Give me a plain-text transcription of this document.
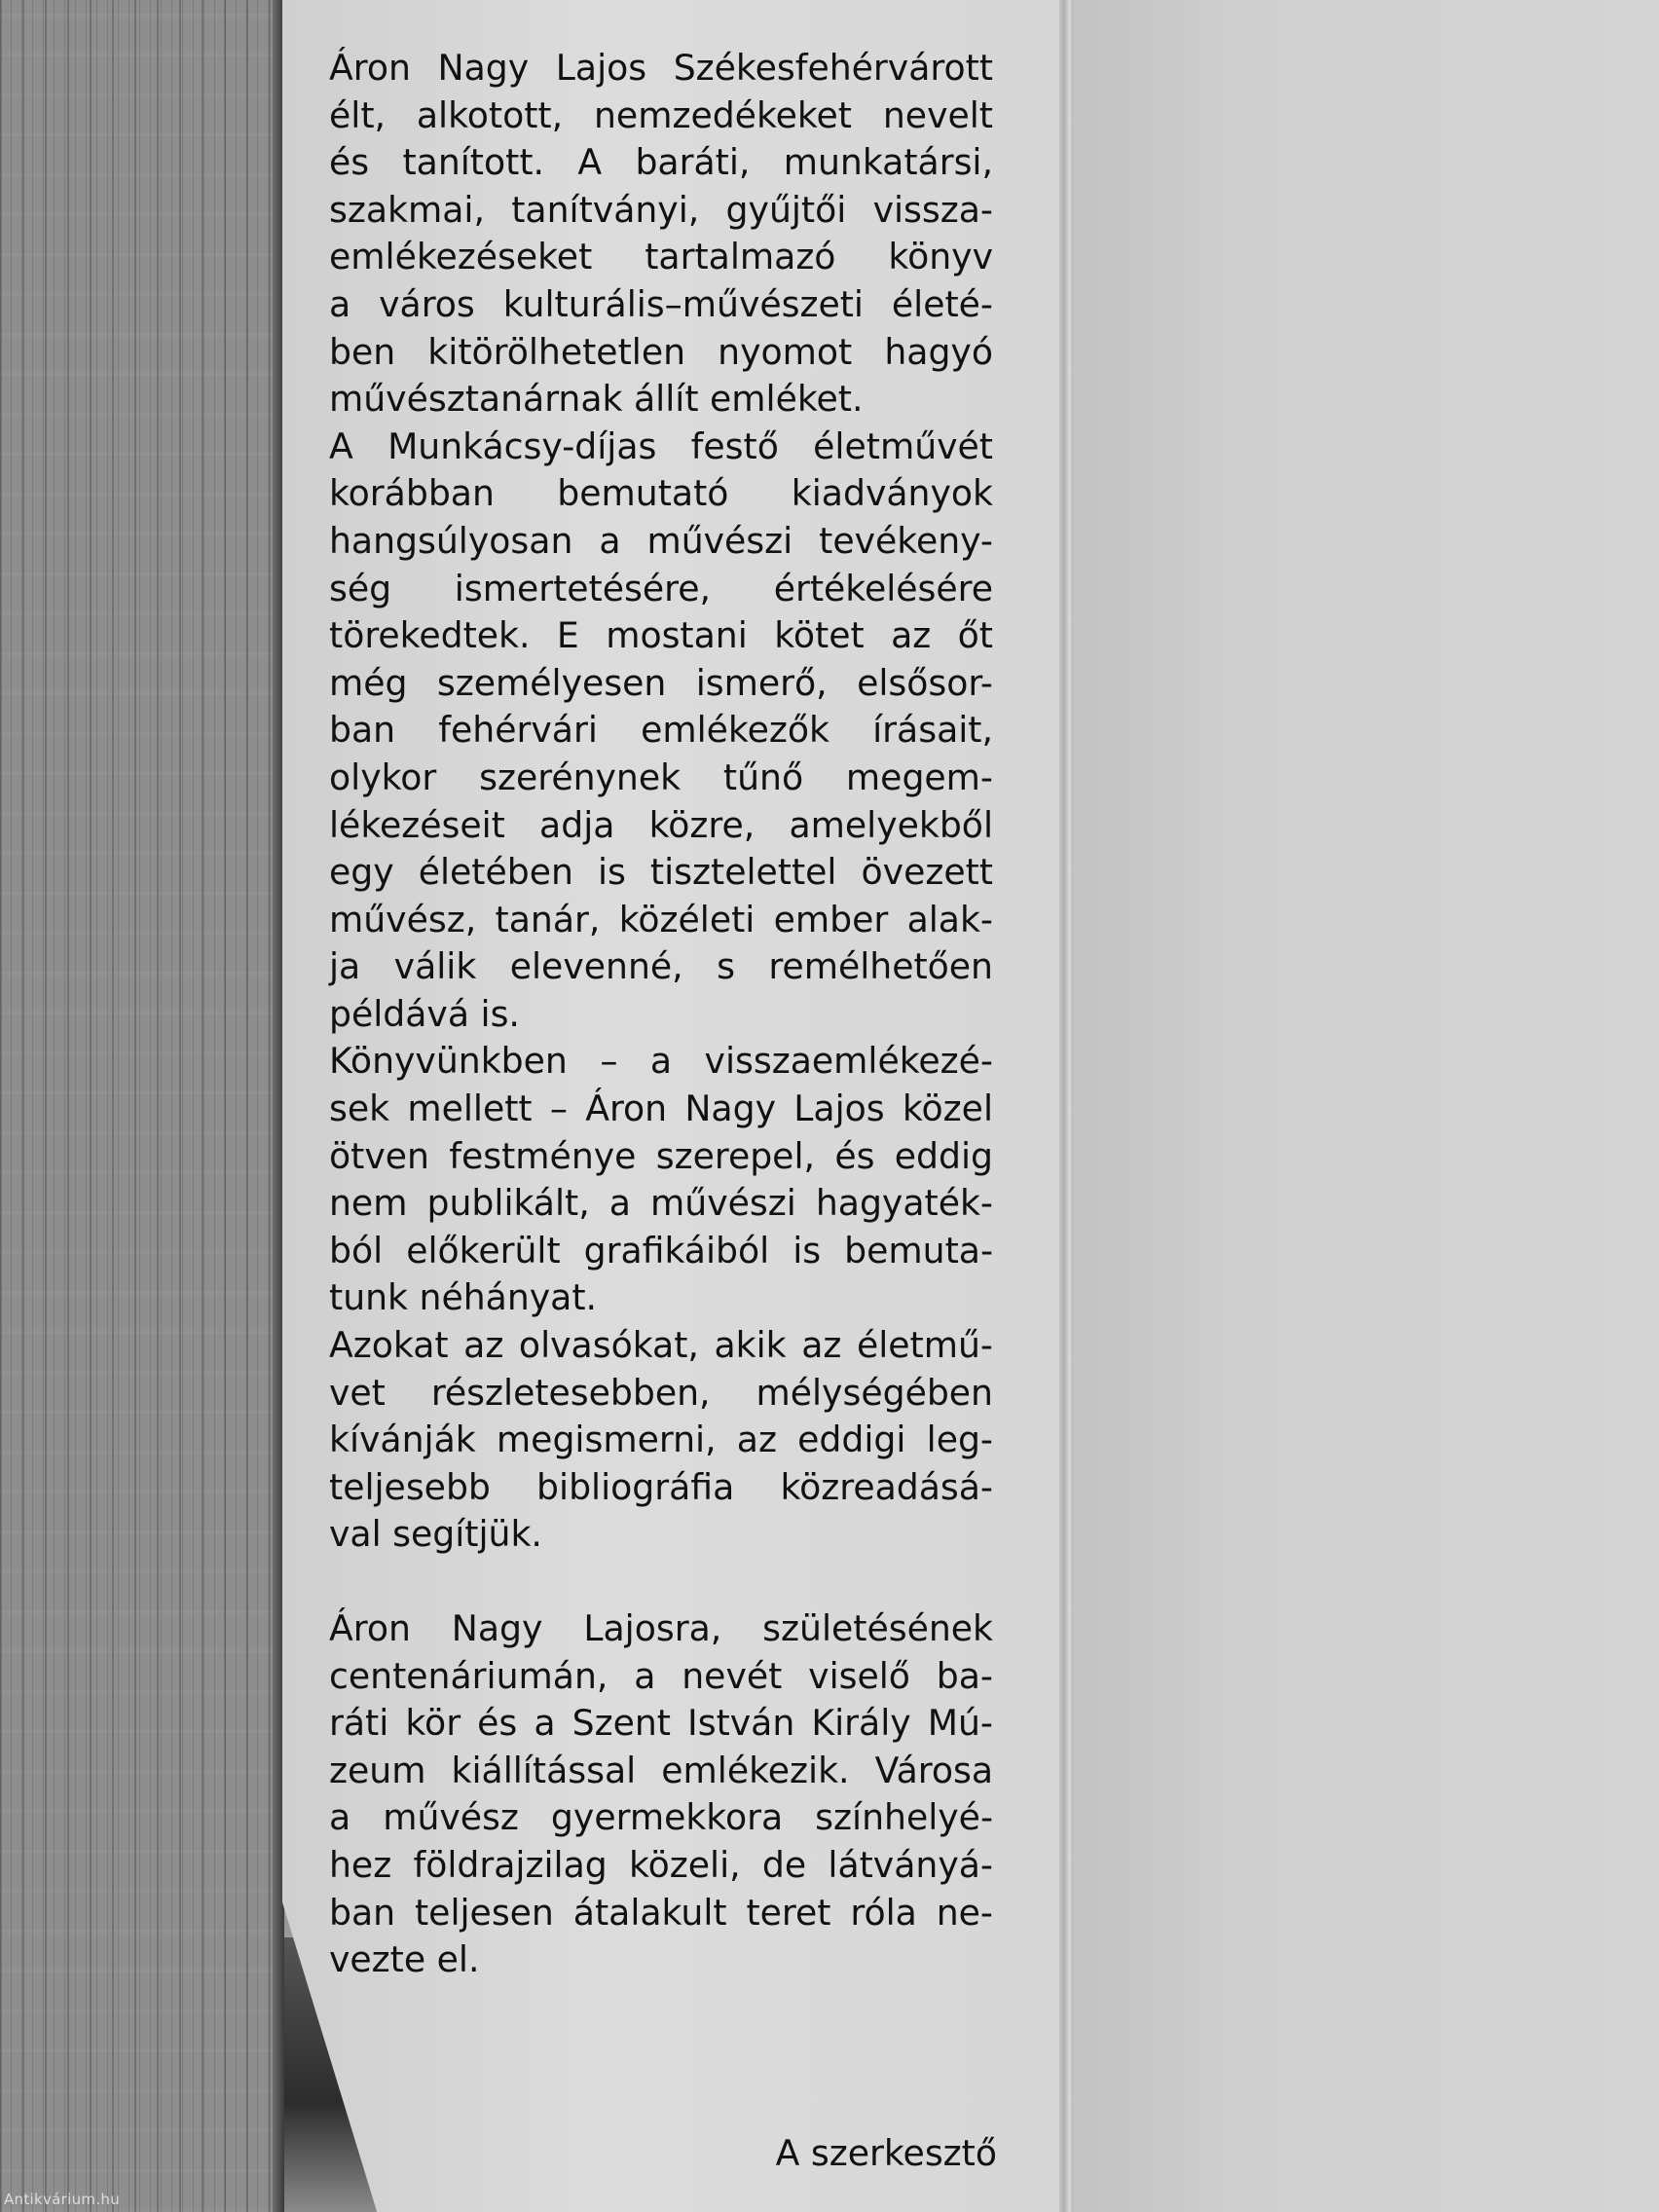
Áron Nagy Lajos Székesfehérvárott
élt, alkotott, nemzedékeket nevelt
és tanított. A baráti, munkatársi,
szakmai, tanítványi, gyűjtői vissza-
emlékezéseket tartalmazó könyv
a város kulturális–művészeti életé-
ben kitörölhetetlen nyomot hagyó
művésztanárnak állít emléket.
A Munkácsy-díjas festő életművét
korábban bemutató kiadványok
hangsúlyosan a művészi tevékeny-
ség ismertetésére, értékelésére
törekedtek. E mostani kötet az őt
még személyesen ismerő, elsősor-
ban fehérvári emlékezők írásait,
olykor szerénynek tűnő megem-
lékezéseit adja közre, amelyekből
egy életében is tisztelettel övezett
művész, tanár, közéleti ember alak-
ja válik elevenné, s remélhetően
példává is.
Könyvünkben – a visszaemlékezé-
sek mellett – Áron Nagy Lajos közel
ötven festménye szerepel, és eddig
nem publikált, a művészi hagyaték-
ból előkerült grafikáiból is bemuta-
tunk néhányat.
Azokat az olvasókat, akik az életmű-
vet részletesebben, mélységében
kívánják megismerni, az eddigi leg-
teljesebb bibliográfia közreadásá-
val segítjük.
Áron Nagy Lajosra, születésének
centenáriumán, a nevét viselő ba-
ráti kör és a Szent István Király Mú-
zeum kiállítással emlékezik. Városa
a művész gyermekkora színhelyé-
hez földrajzilag közeli, de látványá-
ban teljesen átalakult teret róla ne-
vezte el.
A szerkesztő
Antikvárium.hu
